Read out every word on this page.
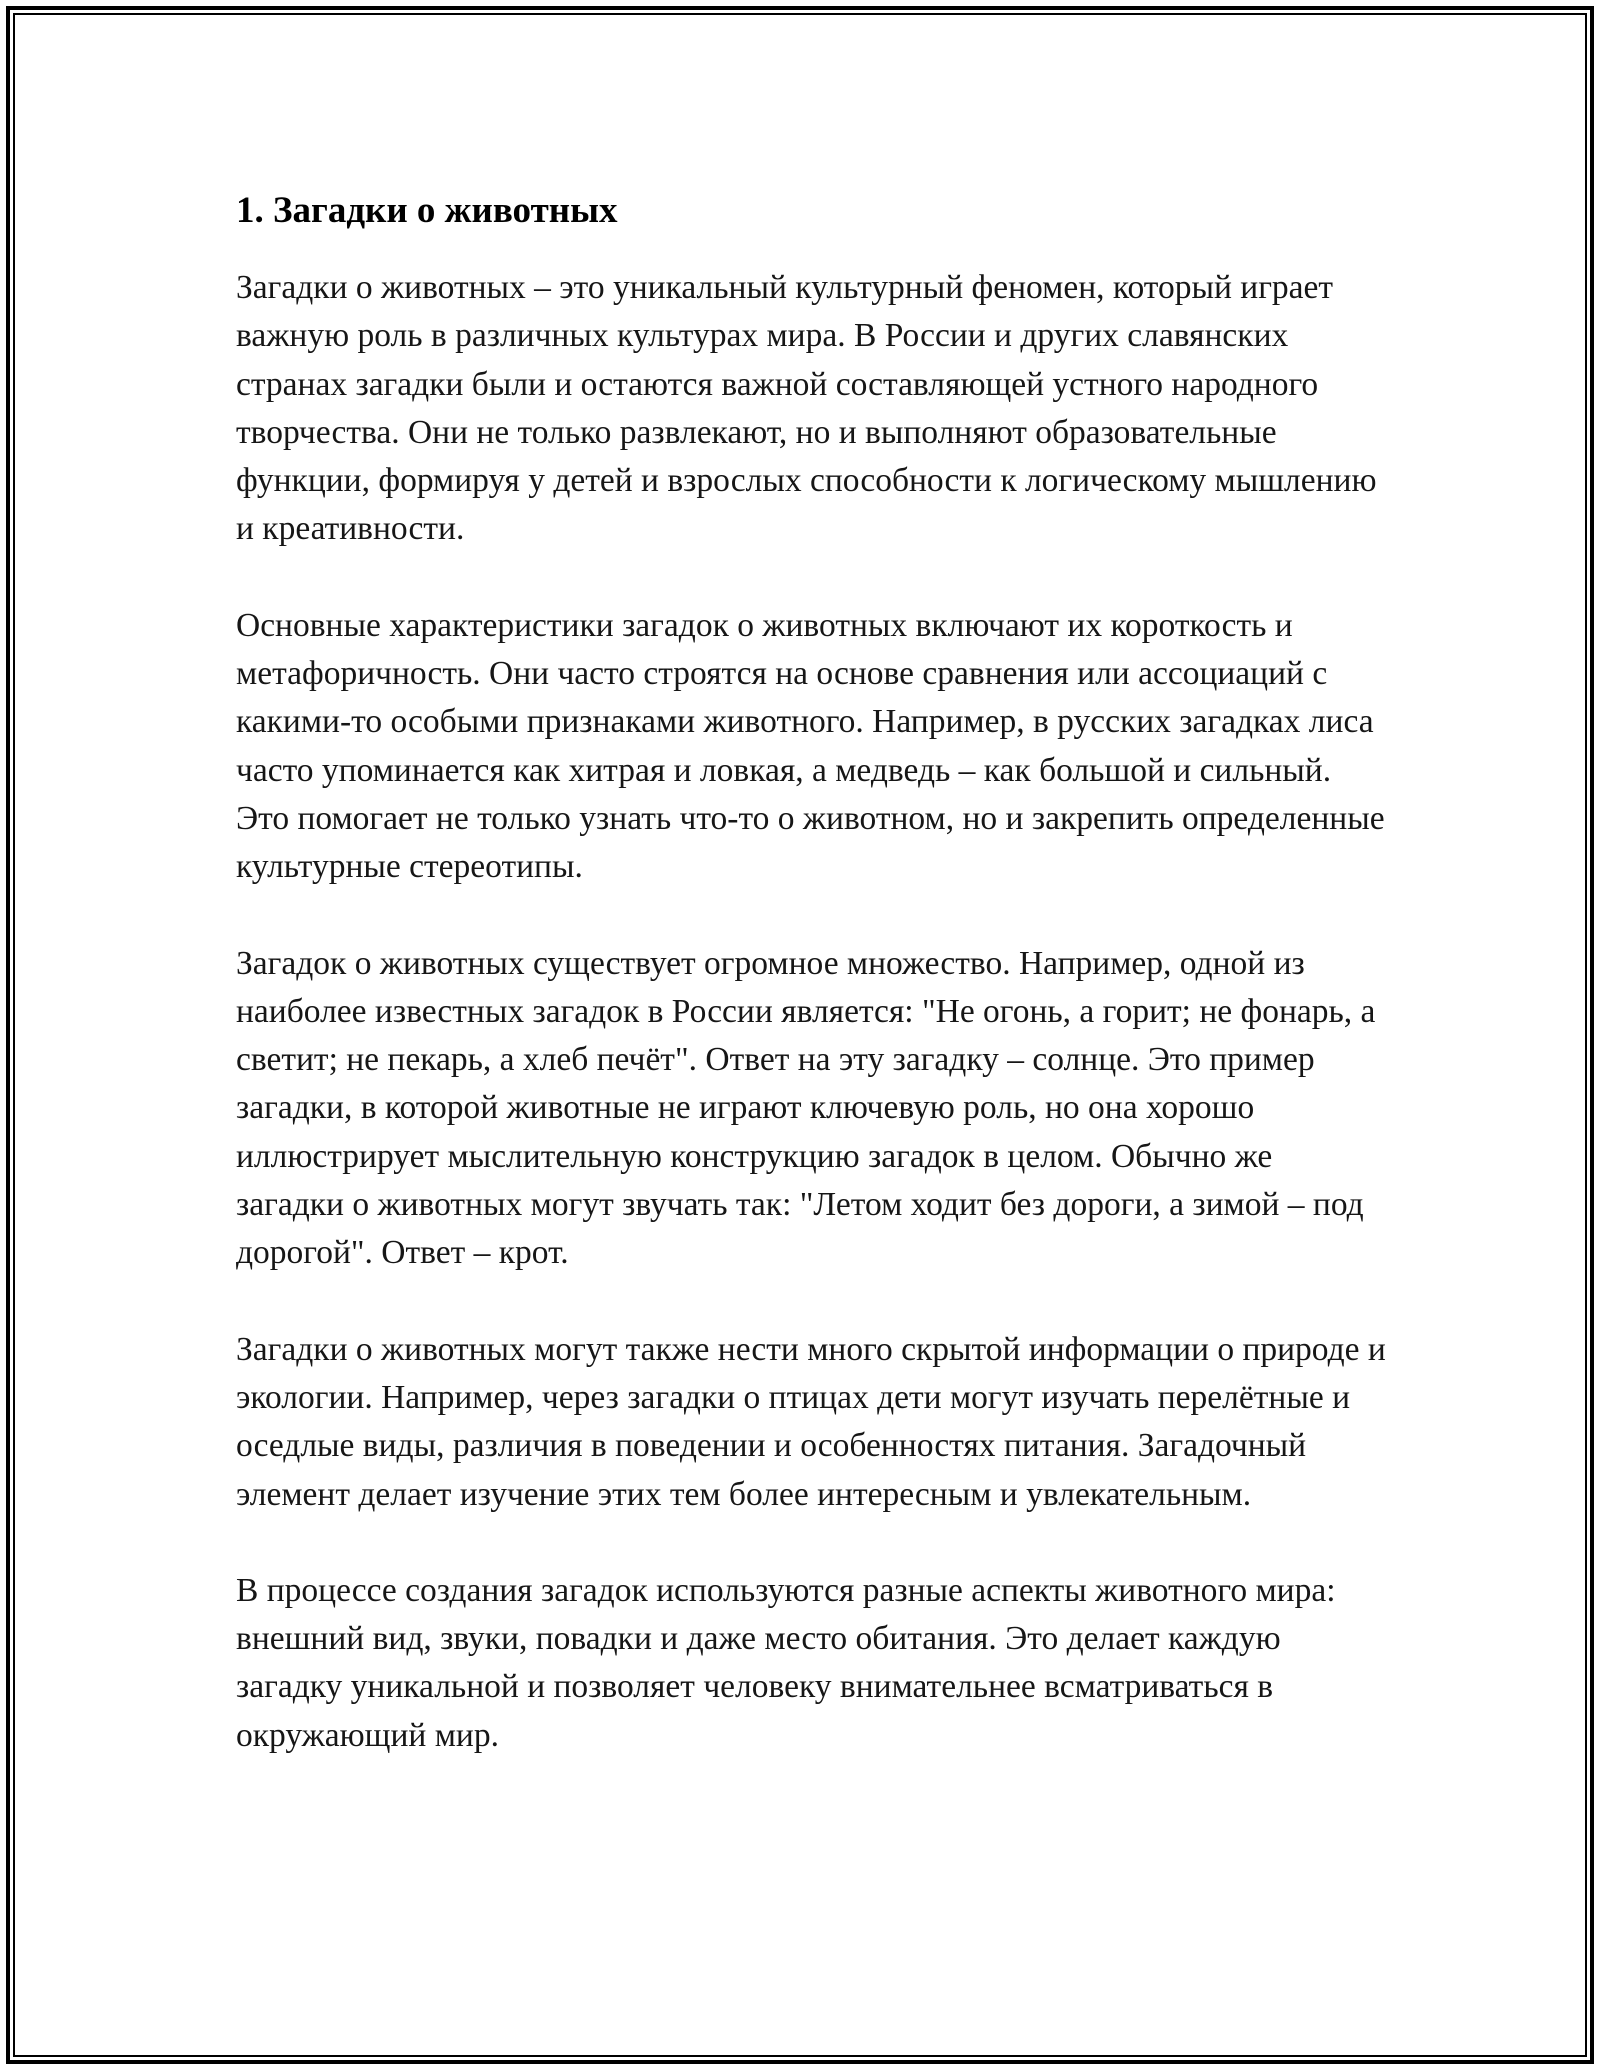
1. Загадки о животных

Загадки о животных – это уникальный культурный феномен, который играет важную роль в различных культурах мира. В России и других славянских странах загадки были и остаются важной составляющей устного народного творчества. Они не только развлекают, но и выполняют образовательные функции, формируя у детей и взрослых способности к логическому мышлению и креативности.

Основные характеристики загадок о животных включают их короткость и метафоричность. Они часто строятся на основе сравнения или ассоциаций с какими-то особыми признаками животного. Например, в русских загадках лиса часто упоминается как хитрая и ловкая, а медведь – как большой и сильный. Это помогает не только узнать что-то о животном, но и закрепить определенные культурные стереотипы.

Загадок о животных существует огромное множество. Например, одной из наиболее известных загадок в России является: "Не огонь, а горит; не фонарь, а светит; не пекарь, а хлеб печёт". Ответ на эту загадку – солнце. Это пример загадки, в которой животные не играют ключевую роль, но она хорошо иллюстрирует мыслительную конструкцию загадок в целом. Обычно же загадки о животных могут звучать так: "Летом ходит без дороги, а зимой – под дорогой". Ответ – крот.

Загадки о животных могут также нести много скрытой информации о природе и экологии. Например, через загадки о птицах дети могут изучать перелётные и оседлые виды, различия в поведении и особенностях питания. Загадочный элемент делает изучение этих тем более интересным и увлекательным.

В процессе создания загадок используются разные аспекты животного мира: внешний вид, звуки, повадки и даже место обитания. Это делает каждую загадку уникальной и позволяет человеку внимательнее всматриваться в окружающий мир.
